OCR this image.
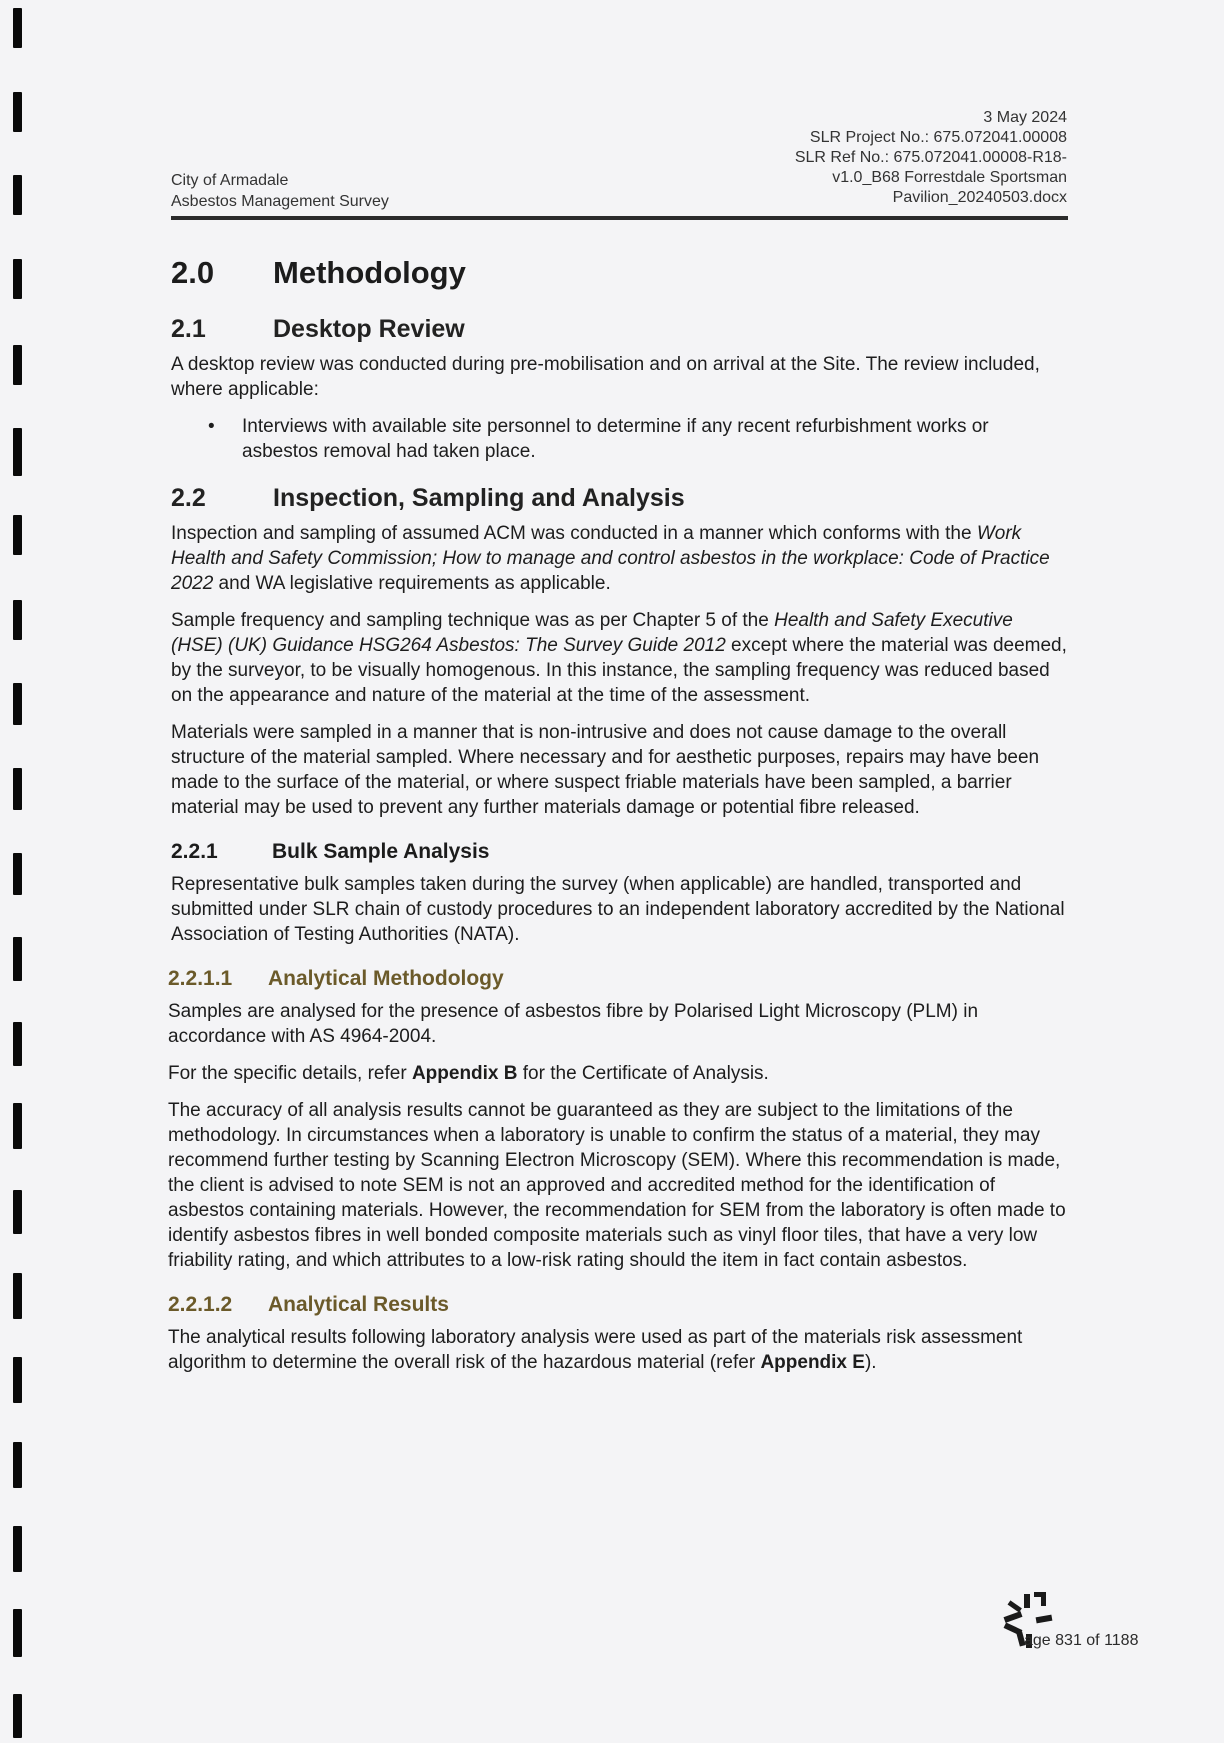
City of Armadale
Asbestos Management Survey
3 May 2024
SLR Project No.: 675.072041.00008
SLR Ref No.: 675.072041.00008-R18-
v1.0_B68 Forrestdale Sportsman
Pavilion_20240503.docx
2.0	Methodology
2.1	Desktop Review

A desktop review was conducted during pre-mobilisation and on arrival at the Site. The review included, where applicable:

• Interviews with available site personnel to determine if any recent refurbishment works or asbestos removal had taken place.
2.2	Inspection, Sampling and Analysis

Inspection and sampling of assumed ACM was conducted in a manner which conforms with the Work Health and Safety Commission; How to manage and control asbestos in the workplace: Code of Practice 2022 and WA legislative requirements as applicable.

Sample frequency and sampling technique was as per Chapter 5 of the Health and Safety Executive (HSE) (UK) Guidance HSG264 Asbestos: The Survey Guide 2012 except where the material was deemed, by the surveyor, to be visually homogenous. In this instance, the sampling frequency was reduced based on the appearance and nature of the material at the time of the assessment.

Materials were sampled in a manner that is non-intrusive and does not cause damage to the overall structure of the material sampled. Where necessary and for aesthetic purposes, repairs may have been made to the surface of the material, or where suspect friable materials have been sampled, a barrier material may be used to prevent any further materials damage or potential fibre released.

2.2.1	Bulk Sample Analysis

Representative bulk samples taken during the survey (when applicable) are handled, transported and submitted under SLR chain of custody procedures to an independent laboratory accredited by the National Association of Testing Authorities (NATA).

2.2.1.1	Analytical Methodology

Samples are analysed for the presence of asbestos fibre by Polarised Light Microscopy (PLM) in accordance with AS 4964-2004.

For the specific details, refer Appendix B for the Certificate of Analysis.

The accuracy of all analysis results cannot be guaranteed as they are subject to the limitations of the methodology. In circumstances when a laboratory is unable to confirm the status of a material, they may recommend further testing by Scanning Electron Microscopy (SEM). Where this recommendation is made, the client is advised to note SEM is not an approved and accredited method for the identification of asbestos containing materials. However, the recommendation for SEM from the laboratory is often made to identify asbestos fibres in well bonded composite materials such as vinyl floor tiles, that have a very low friability rating, and which attributes to a low-risk rating should the item in fact contain asbestos.

2.2.1.2	Analytical Results

The analytical results following laboratory analysis were used as part of the materials risk assessment algorithm to determine the overall risk of the hazardous material (refer Appendix E).

age 831 of 1188
